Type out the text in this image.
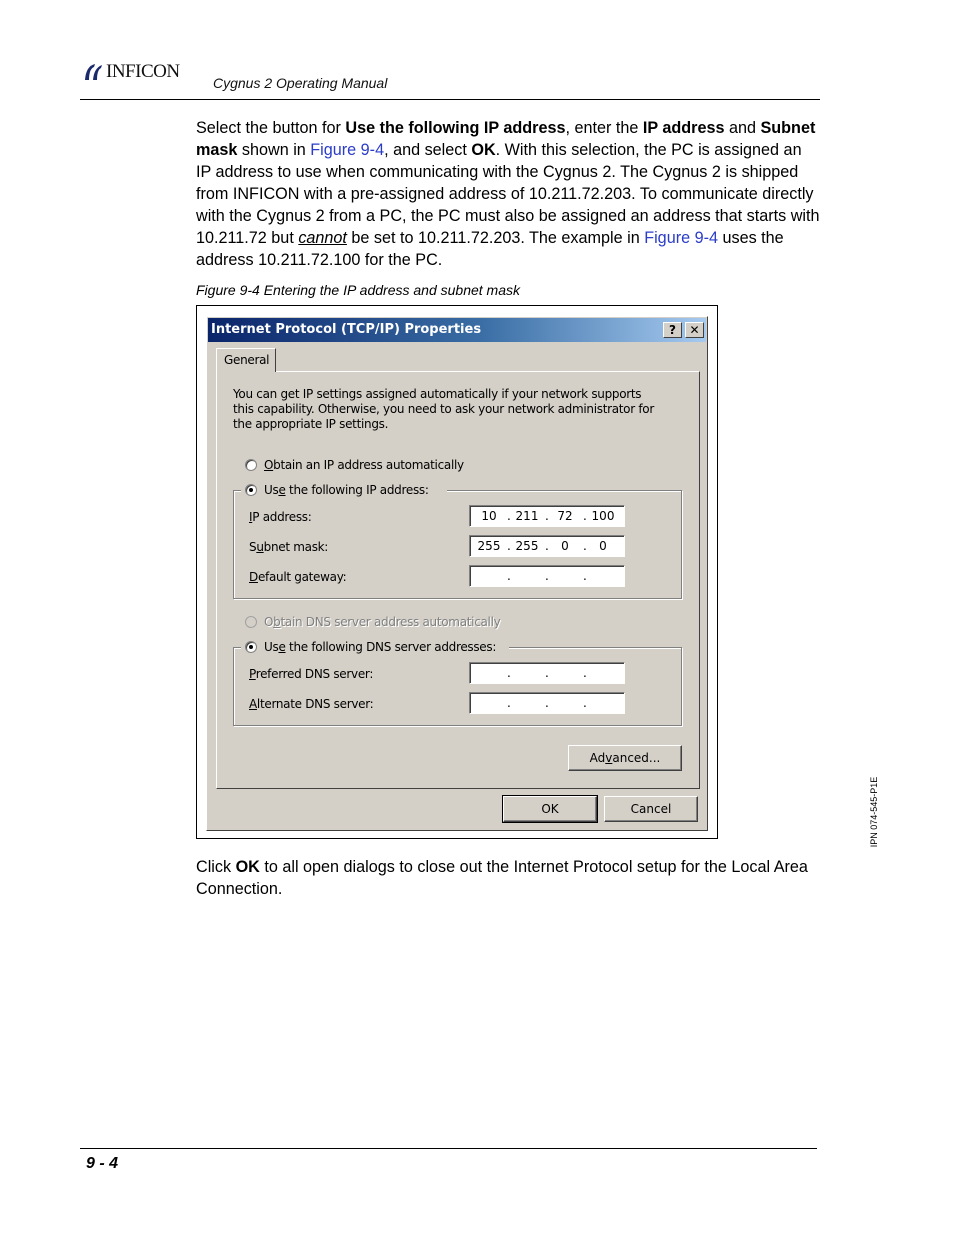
INFICON
Cygnus 2 Operating Manual
Select the button for Use the following IP address, enter the IP address and Subnet mask shown in Figure 9-4, and select OK. With this selection, the PC is assigned an IP address to use when communicating with the Cygnus 2. The Cygnus 2 is shipped from INFICON with a pre-assigned address of 10.211.72.203. To communicate directly with the Cygnus 2 from a PC, the PC must also be assigned an address that starts with 10.211.72 but cannot be set to 10.211.72.203. The example in Figure 9-4 uses the address 10.211.72.100 for the PC.
Figure 9-4 Entering the IP address and subnet mask
Internet Protocol (TCP/IP) Properties	?	✕
General
You can get IP settings assigned automatically if your network supports this capability. Otherwise, you need to ask your network administrator for the appropriate IP settings.
Obtain an IP address automatically
Use the following IP address:
IP address:	10 . 211 . 72 . 100
Subnet mask:	255 . 255 .	0	.	0
Default gateway:	.	.	.
Obtain DNS server address automatically
Use the following DNS server addresses:
Preferred DNS server:	.	.	.
Alternate DNS server:	.	.	.
Advanced...
OK	Cancel
Click OK to all open dialogs to close out the Internet Protocol setup for the Local Area Connection.
IPN 074-545-P1E
9 - 4
